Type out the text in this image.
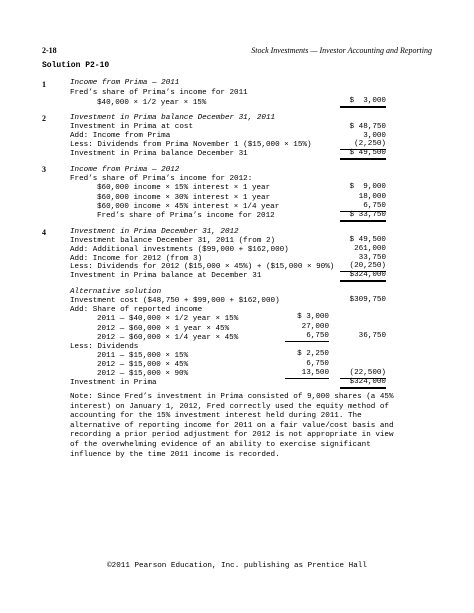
2-18	Stock Investments — Investor Accounting and Reporting
Solution P2-10
1	Income from Prima — 2011
Fred’s share of Prima’s income for 2011
$40,000 × 1/2 year × 15%	$  3,000
2	Investment in Prima balance December 31, 2011
Investment in Prima at cost	$ 48,750
Add: Income from Prima	3,000
Less: Dividends from Prima November 1 ($15,000 × 15%)	(2,250)
Investment in Prima balance December 31	$ 49,500
3	Income from Prima — 2012
Fred’s share of Prima’s income for 2012:
$60,000 income × 15% interest × 1 year	$  9,000
$60,000 income × 30% interest × 1 year	18,000
$60,000 income × 45% interest × 1/4 year	6,750
Fred’s share of Prima’s income for 2012	$ 33,750
4	Investment in Prima December 31, 2012
Investment balance December 31, 2011 (from 2)	$ 49,500
Add: Additional investments ($99,000 + $162,000)	261,000
Add: Income for 2012 (from 3)	33,750
Less: Dividends for 2012 ($15,000 × 45%) + ($15,000 × 90%)	(20,250)
Investment in Prima balance at December 31	$324,000
Alternative solution
Investment cost ($48,750 + $99,000 + $162,000)	$309,750
Add: Share of reported income
2011 — $40,000 × 1/2 year × 15%	$ 3,000
2012 — $60,000 × 1 year × 45%	27,000
2012 — $60,000 × 1/4 year × 45%	6,750	36,750
Less: Dividends
2011 — $15,000 × 15%	$ 2,250
2012 — $15,000 × 45%	6,750
2012 — $15,000 × 90%	13,500	(22,500)
Investment in Prima	$324,000
Note: Since Fred’s investment in Prima consisted of 9,000 shares (a 45%
interest) on January 1, 2012, Fred correctly used the equity method of
accounting for the 15% investment interest held during 2011. The
alternative of reporting income for 2011 on a fair value/cost basis and
recording a prior period adjustment for 2012 is not appropriate in view
of the overwhelming evidence of an ability to exercise significant
influence by the time 2011 income is recorded.
©2011 Pearson Education, Inc. publishing as Prentice Hall
